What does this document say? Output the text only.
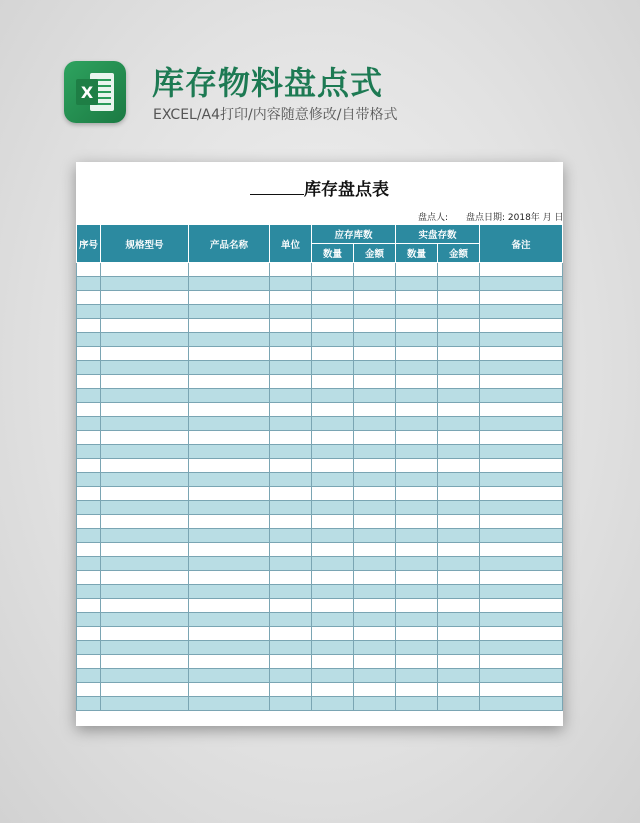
X 库存物料盘点式
EXCEL/A4打印/内容随意修改/自带格式
库存盘点表
盘点人: 盘点日期: 2018年 月 日
序号	规格型号	产品名称	单位	应存库数		实盘存数		备注
				数量	金额	数量	金额	
